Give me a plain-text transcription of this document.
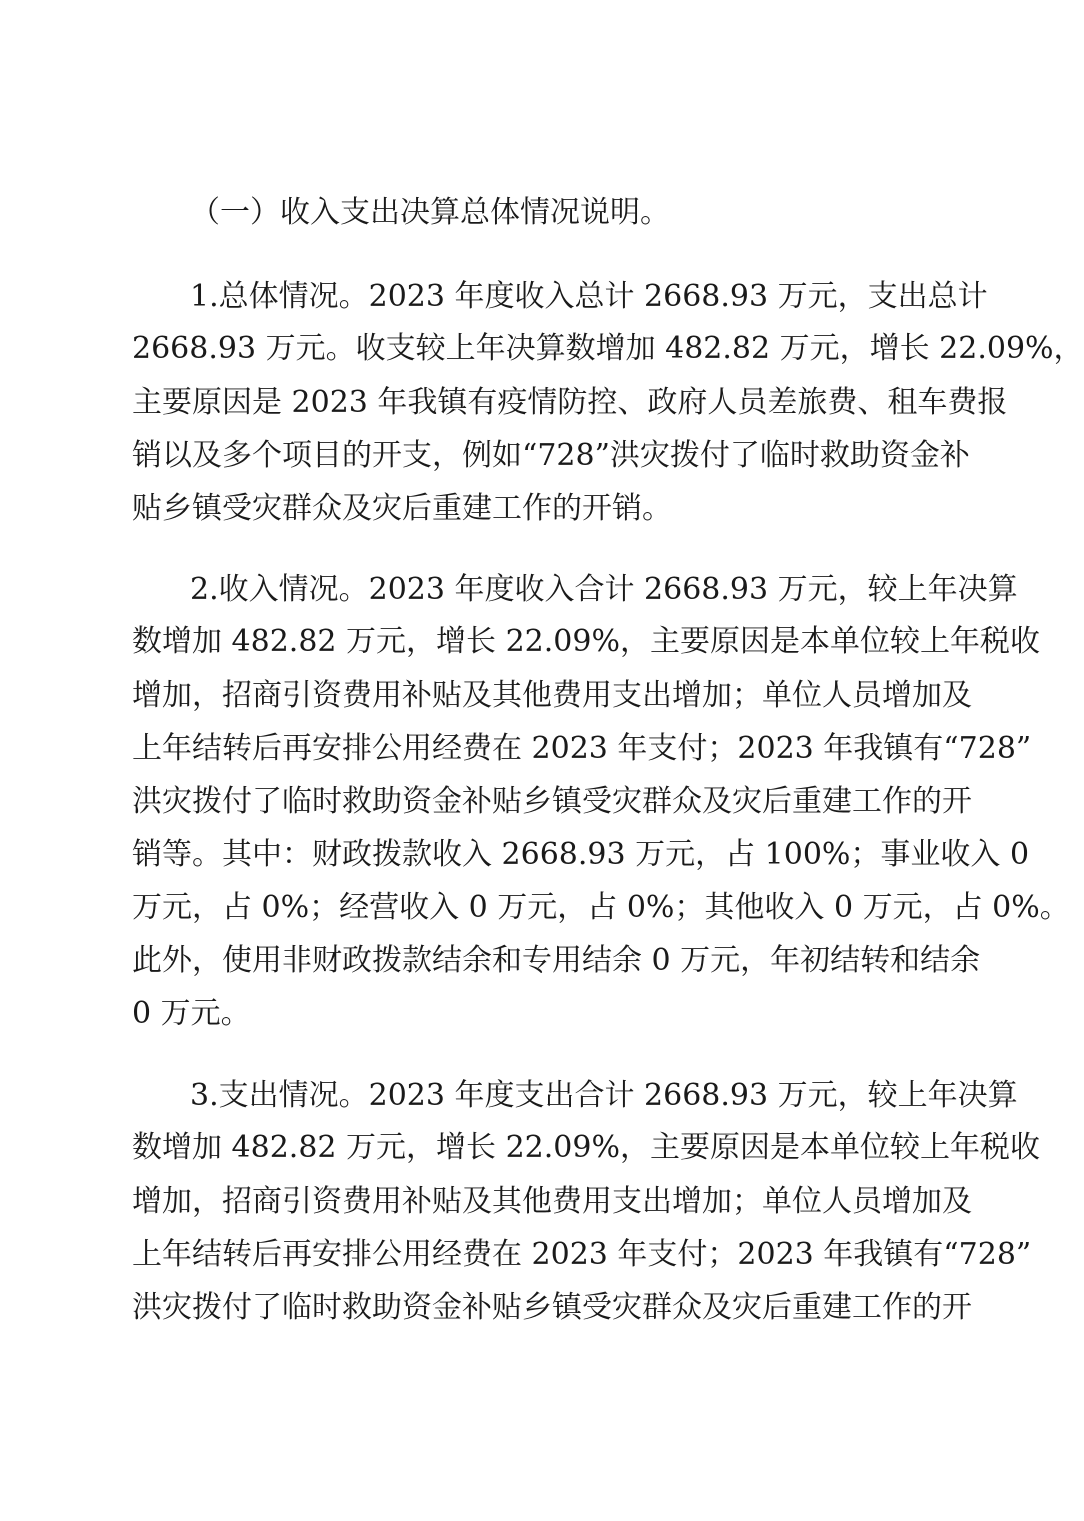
（一）收入支出决算总体情况说明。
1.总体情况。2023 年度收入总计 2668.93 万元，支出总计
2668.93 万元。收支较上年决算数增加 482.82 万元，增长 22.09%，
主要原因是 2023 年我镇有疫情防控、政府人员差旅费、租车费报
销以及多个项目的开支，例如“728”洪灾拨付了临时救助资金补
贴乡镇受灾群众及灾后重建工作的开销。
2.收入情况。2023 年度收入合计 2668.93 万元，较上年决算
数增加 482.82 万元，增长 22.09%，主要原因是本单位较上年税收
增加，招商引资费用补贴及其他费用支出增加；单位人员增加及
上年结转后再安排公用经费在 2023 年支付；2023 年我镇有“728”
洪灾拨付了临时救助资金补贴乡镇受灾群众及灾后重建工作的开
销等。其中：财政拨款收入 2668.93 万元，占 100%；事业收入 0
万元，占 0%；经营收入 0 万元，占 0%；其他收入 0 万元，占 0%。
此外，使用非财政拨款结余和专用结余 0 万元，年初结转和结余
0 万元。
3.支出情况。2023 年度支出合计 2668.93 万元，较上年决算
数增加 482.82 万元，增长 22.09%，主要原因是本单位较上年税收
增加，招商引资费用补贴及其他费用支出增加；单位人员增加及
上年结转后再安排公用经费在 2023 年支付；2023 年我镇有“728”
洪灾拨付了临时救助资金补贴乡镇受灾群众及灾后重建工作的开
